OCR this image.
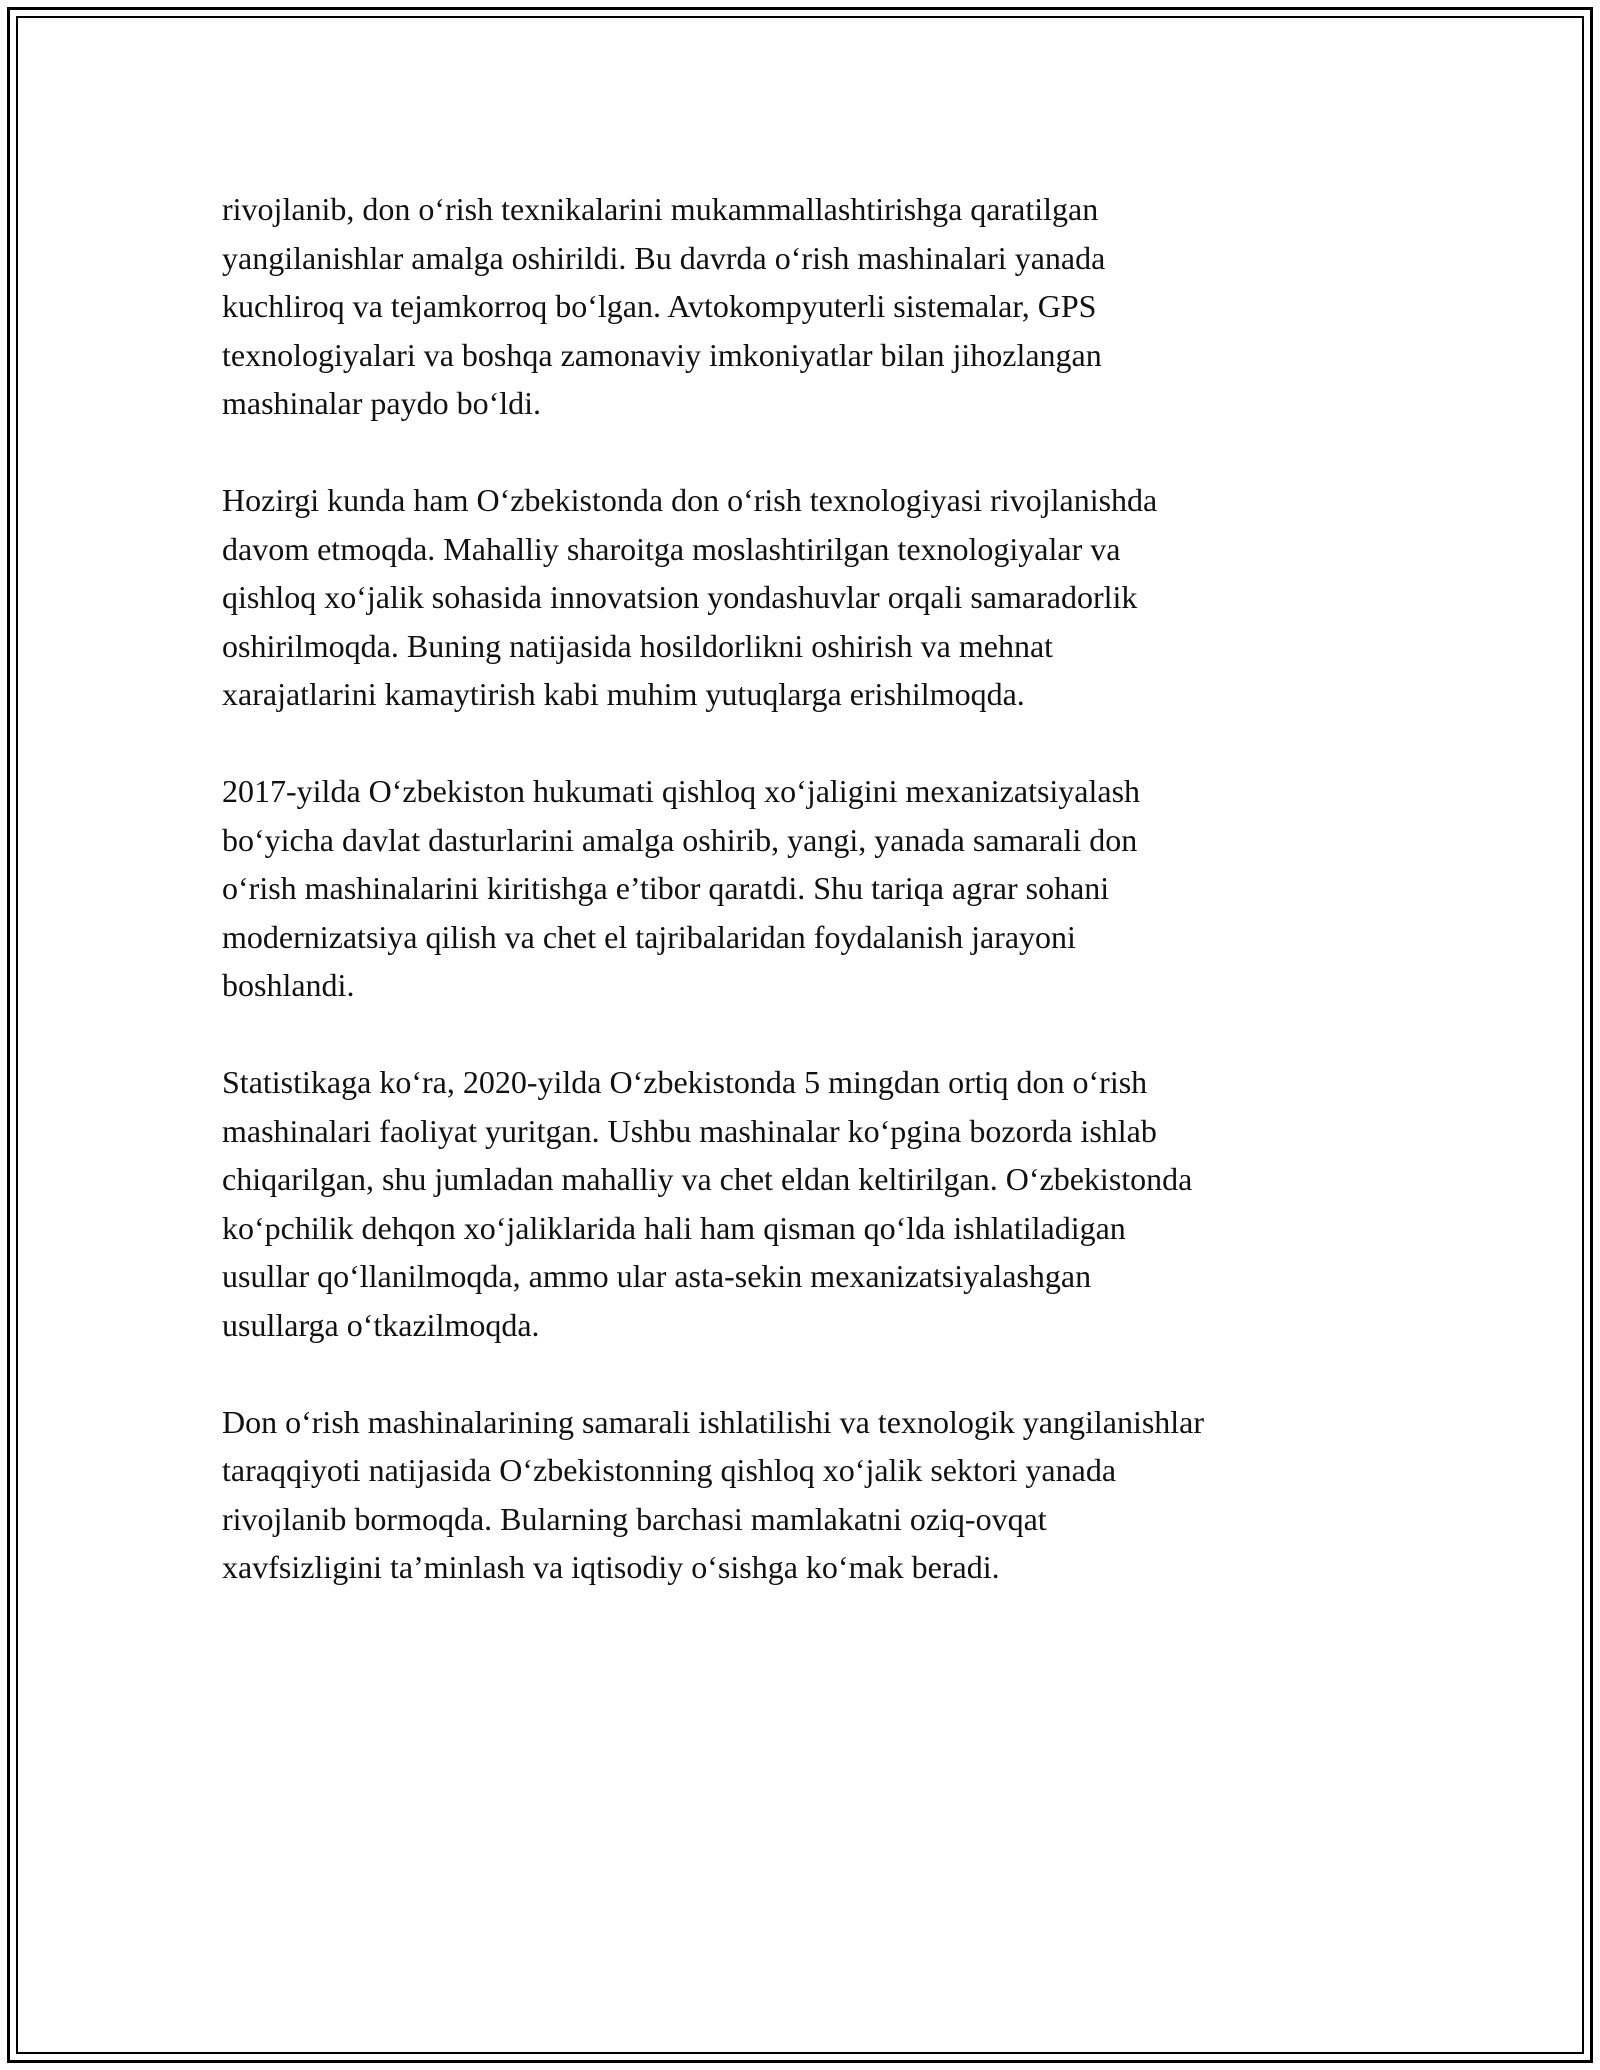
rivojlanib, don o‘rish texnikalarini mukammallashtirishga qaratilgan
yangilanishlar amalga oshirildi. Bu davrda o‘rish mashinalari yanada
kuchliroq va tejamkorroq bo‘lgan. Avtokompyuterli sistemalar, GPS
texnologiyalari va boshqa zamonaviy imkoniyatlar bilan jihozlangan
mashinalar paydo bo‘ldi.

Hozirgi kunda ham O‘zbekistonda don o‘rish texnologiyasi rivojlanishda
davom etmoqda. Mahalliy sharoitga moslashtirilgan texnologiyalar va
qishloq xo‘jalik sohasida innovatsion yondashuvlar orqali samaradorlik
oshirilmoqda. Buning natijasida hosildorlikni oshirish va mehnat
xarajatlarini kamaytirish kabi muhim yutuqlarga erishilmoqda.

2017-yilda O‘zbekiston hukumati qishloq xo‘jaligini mexanizatsiyalash
bo‘yicha davlat dasturlarini amalga oshirib, yangi, yanada samarali don
o‘rish mashinalarini kiritishga e’tibor qaratdi. Shu tariqa agrar sohani
modernizatsiya qilish va chet el tajribalaridan foydalanish jarayoni
boshlandi.

Statistikaga ko‘ra, 2020-yilda O‘zbekistonda 5 mingdan ortiq don o‘rish
mashinalari faoliyat yuritgan. Ushbu mashinalar ko‘pgina bozorda ishlab
chiqarilgan, shu jumladan mahalliy va chet eldan keltirilgan. O‘zbekistonda
ko‘pchilik dehqon xo‘jaliklarida hali ham qisman qo‘lda ishlatiladigan
usullar qo‘llanilmoqda, ammo ular asta-sekin mexanizatsiyalashgan
usullarga o‘tkazilmoqda.

Don o‘rish mashinalarining samarali ishlatilishi va texnologik yangilanishlar
taraqqiyoti natijasida O‘zbekistonning qishloq xo‘jalik sektori yanada
rivojlanib bormoqda. Bularning barchasi mamlakatni oziq-ovqat
xavfsizligini ta’minlash va iqtisodiy o‘sishga ko‘mak beradi.
